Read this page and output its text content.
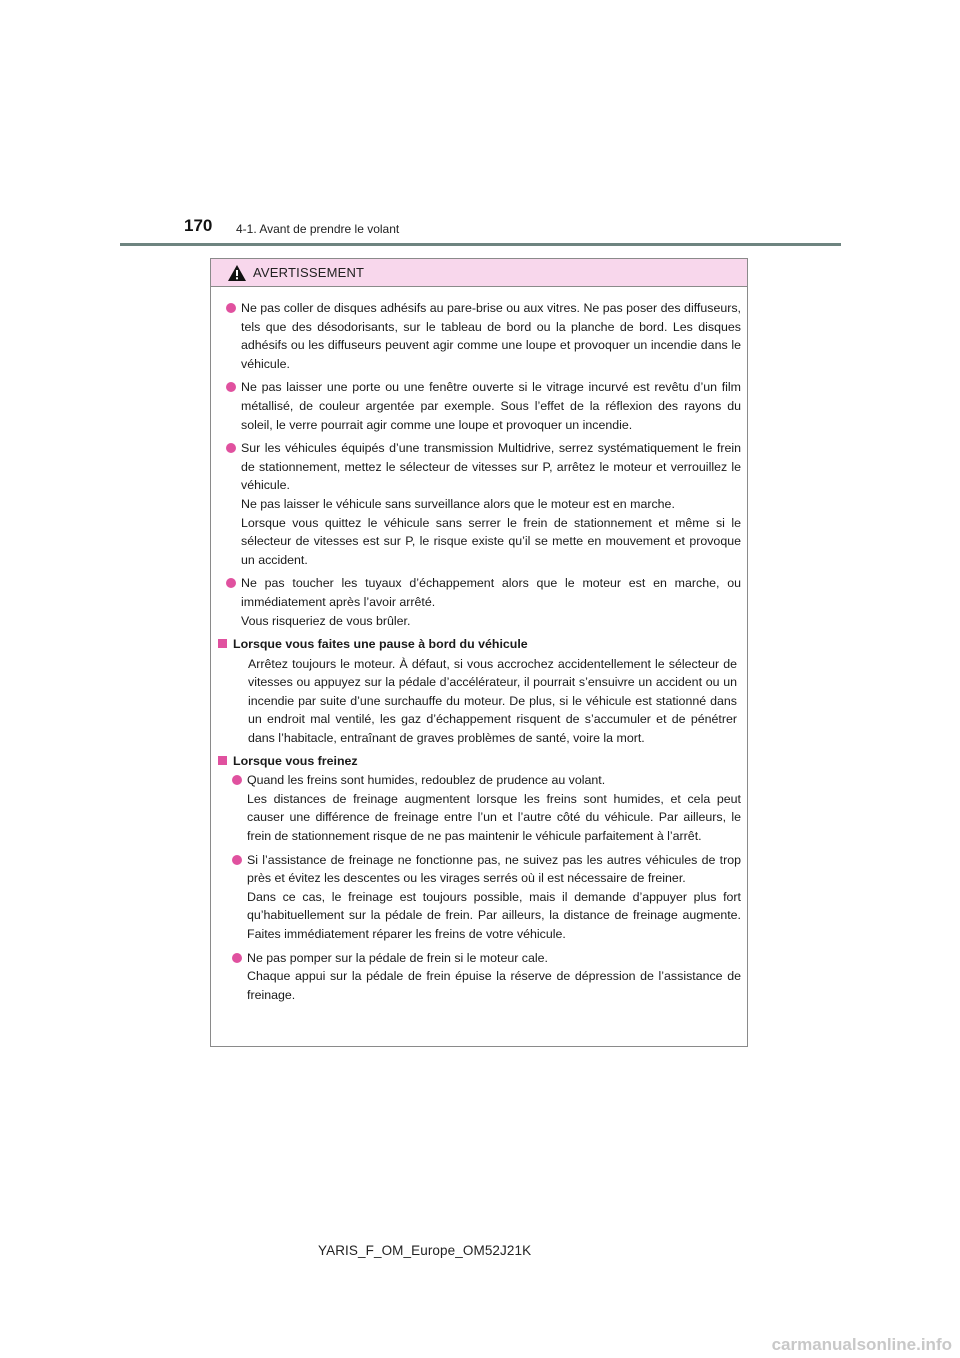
170 4-1. Avant de prendre le volant
AVERTISSEMENT
Ne pas coller de disques adhésifs au pare-brise ou aux vitres. Ne pas poser des diffuseurs, tels que des désodorisants, sur le tableau de bord ou la planche de bord. Les disques adhésifs ou les diffuseurs peuvent agir comme une loupe et provoquer un incendie dans le véhicule.
Ne pas laisser une porte ou une fenêtre ouverte si le vitrage incurvé est revêtu d’un film métallisé, de couleur argentée par exemple. Sous l’effet de la réflexion des rayons du soleil, le verre pourrait agir comme une loupe et provoquer un incendie.
Sur les véhicules équipés d’une transmission Multidrive, serrez systématiquement le frein de stationnement, mettez le sélecteur de vitesses sur P, arrêtez le moteur et verrouillez le véhicule.
Ne pas laisser le véhicule sans surveillance alors que le moteur est en marche.
Lorsque vous quittez le véhicule sans serrer le frein de stationnement et même si le sélecteur de vitesses est sur P, le risque existe qu’il se mette en mouvement et provoque un accident.
Ne pas toucher les tuyaux d’échappement alors que le moteur est en marche, ou immédiatement après l’avoir arrêté.
Vous risqueriez de vous brûler.
Lorsque vous faites une pause à bord du véhicule
Arrêtez toujours le moteur. À défaut, si vous accrochez accidentellement le sélecteur de vitesses ou appuyez sur la pédale d’accélérateur, il pourrait s’ensuivre un accident ou un incendie par suite d’une surchauffe du moteur. De plus, si le véhicule est stationné dans un endroit mal ventilé, les gaz d’échappement risquent de s’accumuler et de pénétrer dans l’habitacle, entraînant de graves problèmes de santé, voire la mort.
Lorsque vous freinez
Quand les freins sont humides, redoublez de prudence au volant.
Les distances de freinage augmentent lorsque les freins sont humides, et cela peut causer une différence de freinage entre l’un et l’autre côté du véhicule. Par ailleurs, le frein de stationnement risque de ne pas maintenir le véhicule parfaitement à l’arrêt.
Si l’assistance de freinage ne fonctionne pas, ne suivez pas les autres véhicules de trop près et évitez les descentes ou les virages serrés où il est nécessaire de freiner.
Dans ce cas, le freinage est toujours possible, mais il demande d’appuyer plus fort qu’habituellement sur la pédale de frein. Par ailleurs, la distance de freinage augmente. Faites immédiatement réparer les freins de votre véhicule.
Ne pas pomper sur la pédale de frein si le moteur cale.
Chaque appui sur la pédale de frein épuise la réserve de dépression de l’assistance de freinage.
YARIS_F_OM_Europe_OM52J21K
carmanualsonline.info
